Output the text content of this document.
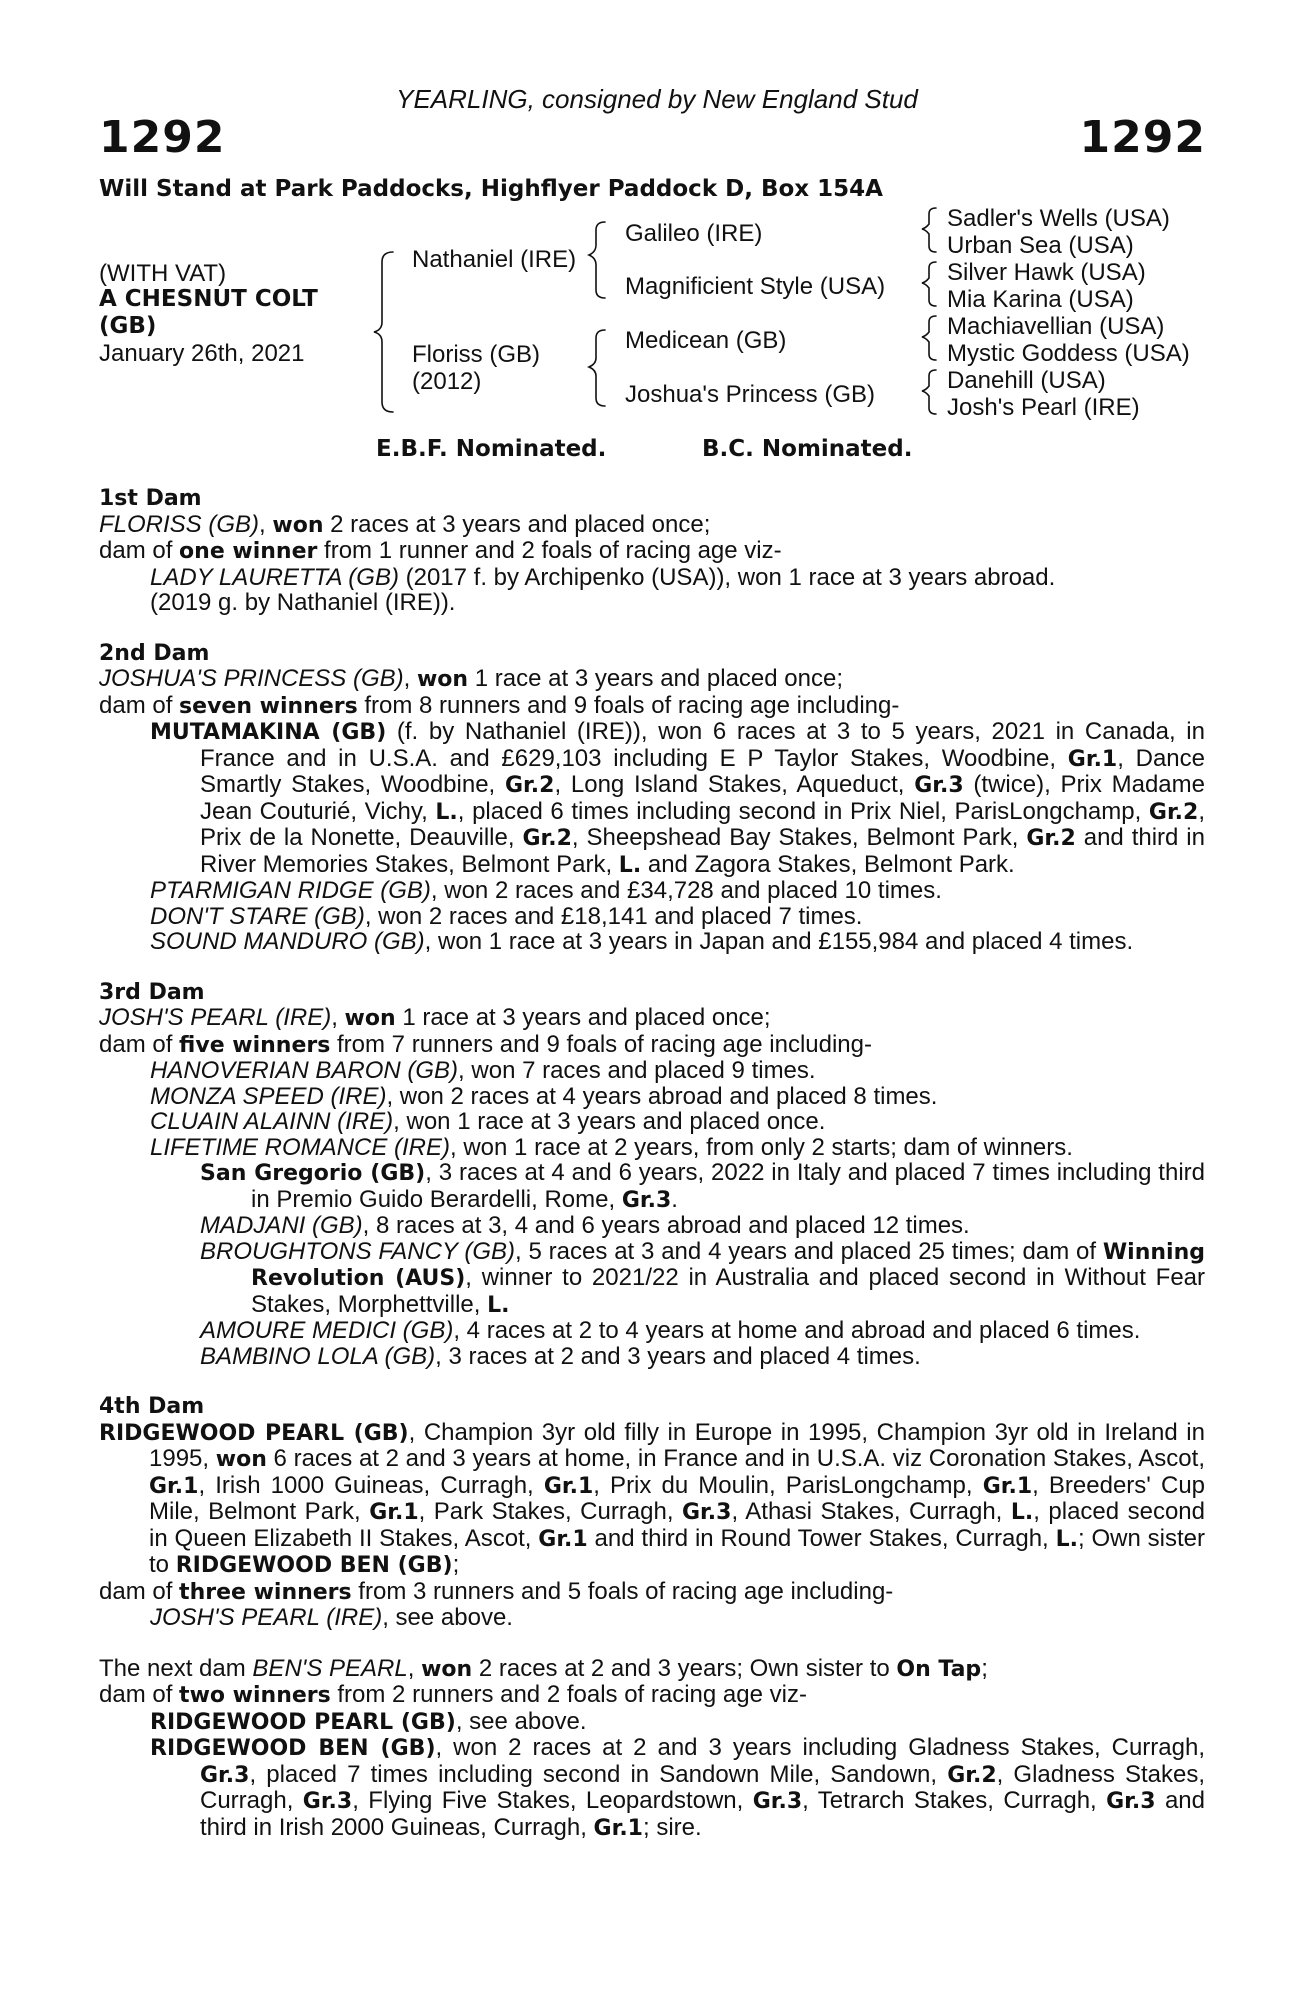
YEARLING, consigned by New England Stud
1292	1292
Will Stand at Park Paddocks, Highflyer Paddock D, Box 154A
(WITH VAT)
A CHESNUT COLT
(GB)
January 26th, 2021
Nathaniel (IRE)
Floriss (GB)
(2012)
Galileo (IRE)
Magnificient Style (USA)
Medicean (GB)
Joshua's Princess (GB)
Sadler's Wells (USA)
Urban Sea (USA)
Silver Hawk (USA)
Mia Karina (USA)
Machiavellian (USA)
Mystic Goddess (USA)
Danehill (USA)
Josh's Pearl (IRE)
E.B.F. Nominated.	B.C. Nominated.
1st Dam
FLORISS (GB), won 2 races at 3 years and placed once;
dam of one winner from 1 runner and 2 foals of racing age viz-
LADY LAURETTA (GB) (2017 f. by Archipenko (USA)), won 1 race at 3 years abroad.
(2019 g. by Nathaniel (IRE)).
2nd Dam
JOSHUA'S PRINCESS (GB), won 1 race at 3 years and placed once;
dam of seven winners from 8 runners and 9 foals of racing age including-
MUTAMAKINA (GB) (f. by Nathaniel (IRE)), won 6 races at 3 to 5 years, 2021 in Canada, in France and in U.S.A. and £629,103 including E P Taylor Stakes, Woodbine, Gr.1, Dance Smartly Stakes, Woodbine, Gr.2, Long Island Stakes, Aqueduct, Gr.3 (twice), Prix Madame Jean Couturié, Vichy, L., placed 6 times including second in Prix Niel, ParisLongchamp, Gr.2, Prix de la Nonette, Deauville, Gr.2, Sheepshead Bay Stakes, Belmont Park, Gr.2 and third in River Memories Stakes, Belmont Park, L. and Zagora Stakes, Belmont Park.
PTARMIGAN RIDGE (GB), won 2 races and £34,728 and placed 10 times.
DON'T STARE (GB), won 2 races and £18,141 and placed 7 times.
SOUND MANDURO (GB), won 1 race at 3 years in Japan and £155,984 and placed 4 times.
3rd Dam
JOSH'S PEARL (IRE), won 1 race at 3 years and placed once;
dam of five winners from 7 runners and 9 foals of racing age including-
HANOVERIAN BARON (GB), won 7 races and placed 9 times.
MONZA SPEED (IRE), won 2 races at 4 years abroad and placed 8 times.
CLUAIN ALAINN (IRE), won 1 race at 3 years and placed once.
LIFETIME ROMANCE (IRE), won 1 race at 2 years, from only 2 starts; dam of winners.
San Gregorio (GB), 3 races at 4 and 6 years, 2022 in Italy and placed 7 times including third in Premio Guido Berardelli, Rome, Gr.3.
MADJANI (GB), 8 races at 3, 4 and 6 years abroad and placed 12 times.
BROUGHTONS FANCY (GB), 5 races at 3 and 4 years and placed 25 times; dam of Winning Revolution (AUS), winner to 2021/22 in Australia and placed second in Without Fear Stakes, Morphettville, L.
AMOURE MEDICI (GB), 4 races at 2 to 4 years at home and abroad and placed 6 times.
BAMBINO LOLA (GB), 3 races at 2 and 3 years and placed 4 times.
4th Dam
RIDGEWOOD PEARL (GB), Champion 3yr old filly in Europe in 1995, Champion 3yr old in Ireland in 1995, won 6 races at 2 and 3 years at home, in France and in U.S.A. viz Coronation Stakes, Ascot, Gr.1, Irish 1000 Guineas, Curragh, Gr.1, Prix du Moulin, ParisLongchamp, Gr.1, Breeders' Cup Mile, Belmont Park, Gr.1, Park Stakes, Curragh, Gr.3, Athasi Stakes, Curragh, L., placed second in Queen Elizabeth II Stakes, Ascot, Gr.1 and third in Round Tower Stakes, Curragh, L.; Own sister to RIDGEWOOD BEN (GB);
dam of three winners from 3 runners and 5 foals of racing age including-
JOSH'S PEARL (IRE), see above.
The next dam BEN'S PEARL, won 2 races at 2 and 3 years; Own sister to On Tap;
dam of two winners from 2 runners and 2 foals of racing age viz-
RIDGEWOOD PEARL (GB), see above.
RIDGEWOOD BEN (GB), won 2 races at 2 and 3 years including Gladness Stakes, Curragh, Gr.3, placed 7 times including second in Sandown Mile, Sandown, Gr.2, Gladness Stakes, Curragh, Gr.3, Flying Five Stakes, Leopardstown, Gr.3, Tetrarch Stakes, Curragh, Gr.3 and third in Irish 2000 Guineas, Curragh, Gr.1; sire.
